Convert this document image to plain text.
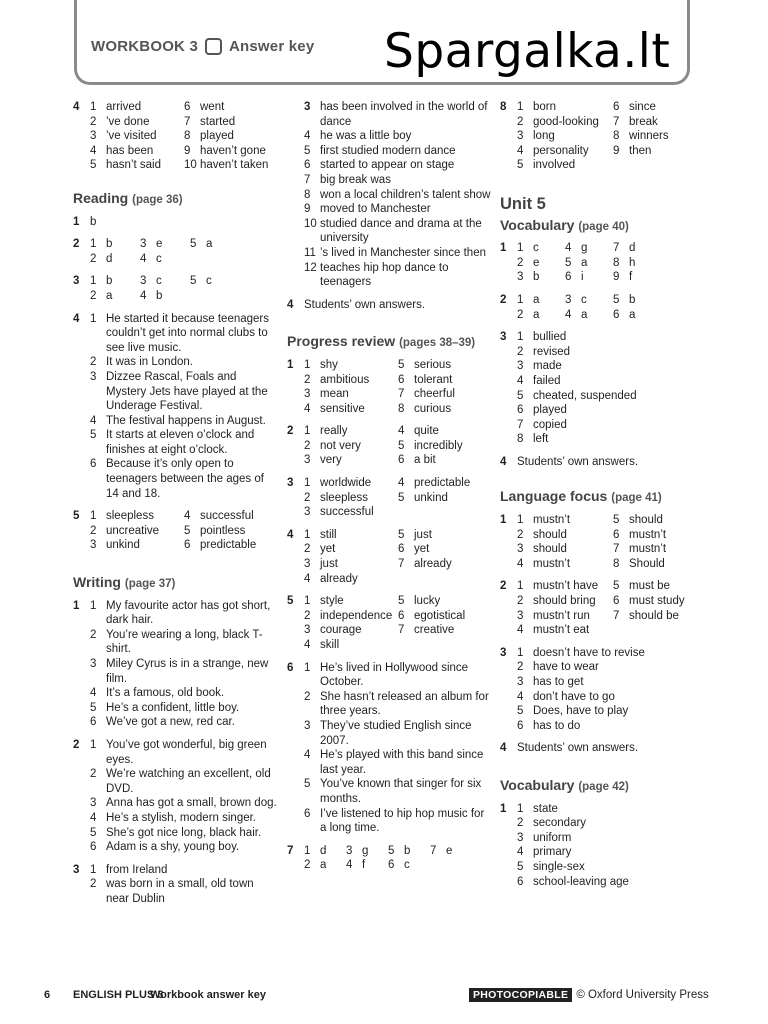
WORKBOOK 3 Answer key Spargalka.lt
4 1 arrived	6 went
2 ’ve done	7 started
3 ’ve visited	8 played
4 has been	9 haven’t gone
5 hasn’t said	10 haven’t taken
Reading (page 36)
1 b
2 1 b	3 e	5 a
2 d	4 c
3 1 b	3 c	5 c
2 a	4 b
4 1 He started it because teenagers couldn’t get into normal clubs to see live music.
2 It was in London.
3 Dizzee Rascal, Foals and Mystery Jets have played at the Underage Festival.
4 The festival happens in August.
5 It starts at eleven o’clock and finishes at eight o’clock.
6 Because it’s only open to teenagers between the ages of 14 and 18.
5 1 sleepless	4 successful
2 uncreative	5 pointless
3 unkind	6 predictable
Writing (page 37)
1 1 My favourite actor has got short, dark hair.
2 You’re wearing a long, black T-shirt.
3 Miley Cyrus is in a strange, new film.
4 It’s a famous, old book.
5 He’s a confident, little boy.
6 We’ve got a new, red car.
2 1 You’ve got wonderful, big green eyes.
2 We’re watching an excellent, old DVD.
3 Anna has got a small, brown dog.
4 He’s a stylish, modern singer.
5 She’s got nice long, black hair.
6 Adam is a shy, young boy.
3 1 from Ireland
2 was born in a small, old town near Dublin
3 has been involved in the world of dance
4 he was a little boy
5 first studied modern dance
6 started to appear on stage
7 big break was
8 won a local children’s talent show
9 moved to Manchester
10 studied dance and drama at the university
11 ’s lived in Manchester since then
12 teaches hip hop dance to teenagers
4 Students’ own answers.
Progress review (pages 38–39)
1 1 shy	5 serious
2 ambitious	6 tolerant
3 mean	7 cheerful
4 sensitive	8 curious
2 1 really	4 quite
2 not very	5 incredibly
3 very	6 a bit
3 1 worldwide	4 predictable
2 sleepless	5 unkind
3 successful
4 1 still	5 just
2 yet	6 yet
3 just	7 already
4 already
5 1 style	5 lucky
2 independence 6 egotistical
3 courage	7 creative
4 skill
6 1 He’s lived in Hollywood since October.
2 She hasn’t released an album for three years.
3 They’ve studied English since 2007.
4 He’s played with this band since last year.
5 You’ve known that singer for six months.
6 I’ve listened to hip hop music for a long time.
7 1 d	3 g	5 b	7 e
2 a	4 f	6 c
8 1 born	6 since
2 good-looking	7 break
3 long	8 winners
4 personality	9 then
5 involved
Unit 5
Vocabulary (page 40)
1 1 c	4 g	7 d
2 e	5 a	8 h
3 b	6 i	9 f
2 1 a	3 c	5 b
2 a	4 a	6 a
3 1 bullied
2 revised
3 made
4 failed
5 cheated, suspended
6 played
7 copied
8 left
4 Students’ own answers.
Language focus (page 41)
1 1 mustn’t	5 should
2 should	6 mustn’t
3 should	7 mustn’t
4 mustn’t	8 Should
2 1 mustn’t have	5 must be
2 should bring	6 must study
3 mustn’t run	7 should be
4 mustn’t eat
3 1 doesn’t have to revise
2 have to wear
3 has to get
4 don’t have to go
5 Does, have to play
6 has to do
4 Students’ own answers.
Vocabulary (page 42)
1 1 state
2 secondary
3 uniform
4 primary
5 single-sex
6 school-leaving age
6 ENGLISH PLUS 3
Workbook answer key	PHOTOCOPIABLE © Oxford University Press
